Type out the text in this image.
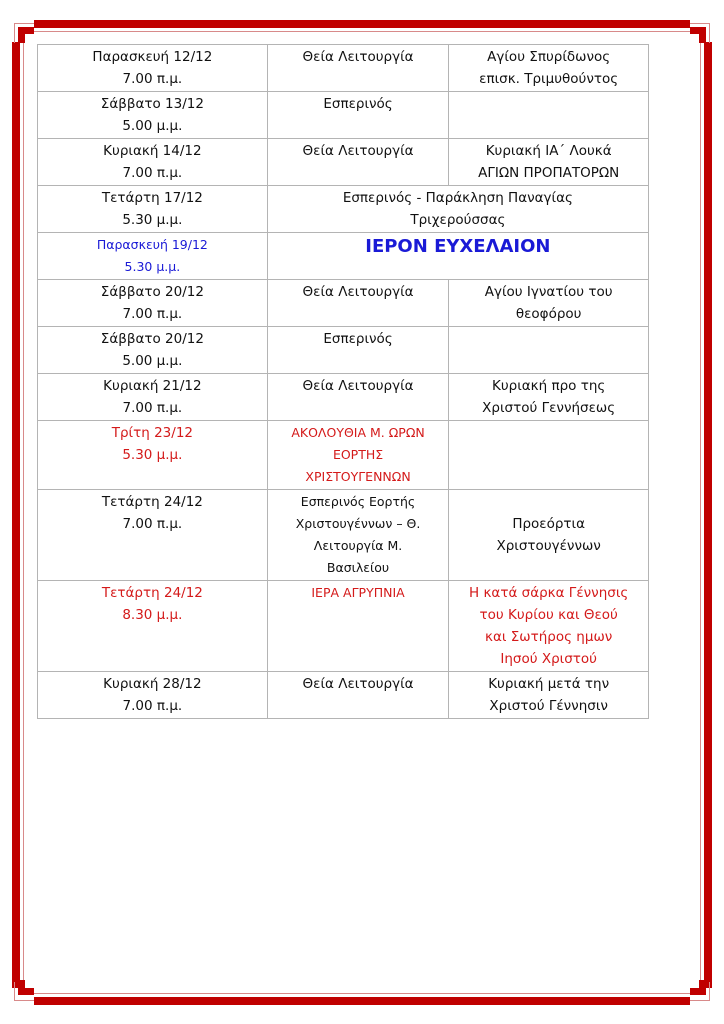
Παρασκευή 12/12
7.00 π.μ.	Θεία Λειτουργία	Αγίου Σπυρίδωνος
επισκ. Τριμυθούντος

Σάββατο 13/12
5.00 μ.μ.	Εσπερινός	

Κυριακή 14/12
7.00 π.μ.	Θεία Λειτουργία	Κυριακή ΙΑ΄ Λουκά
ΑΓΙΩΝ ΠΡΟΠΑΤΟΡΩΝ

Τετάρτη 17/12
5.30 μ.μ.	Εσπερινός - Παράκληση Παναγίας
Τριχερούσσας	

Παρασκευή 19/12
5.30 μ.μ.	ΙΕΡΟΝ ΕΥΧΕΛΑΙΟΝ	

Σάββατο 20/12
7.00 π.μ.	Θεία Λειτουργία	Αγίου Ιγνατίου του
θεοφόρου

Σάββατο 20/12
5.00 μ.μ.	Εσπερινός	

Κυριακή 21/12
7.00 π.μ.	Θεία Λειτουργία	Κυριακή προ της
Χριστού Γεννήσεως

Τρίτη 23/12
5.30 μ.μ.	ΑΚΟΛΟΥΘΙΑ Μ. ΩΡΩΝ
ΕΟΡΤΗΣ
ΧΡΙΣΤΟΥΓΕΝΝΩΝ	

Τετάρτη 24/12
7.00 π.μ.	Εσπερινός Εορτής
Χριστουγέννων – Θ.
Λειτουργία Μ.
Βασιλείου	Προεόρτια
Χριστουγέννων

Τετάρτη 24/12
8.30 μ.μ.	ΙΕΡΑ ΑΓΡΥΠΝΙΑ	Η κατά σάρκα Γέννησις
του Κυρίου και Θεού
και Σωτήρος ημων
Ιησού Χριστού

Κυριακή 28/12
7.00 π.μ.	Θεία Λειτουργία	Κυριακή μετά την
Χριστού Γέννησιν
